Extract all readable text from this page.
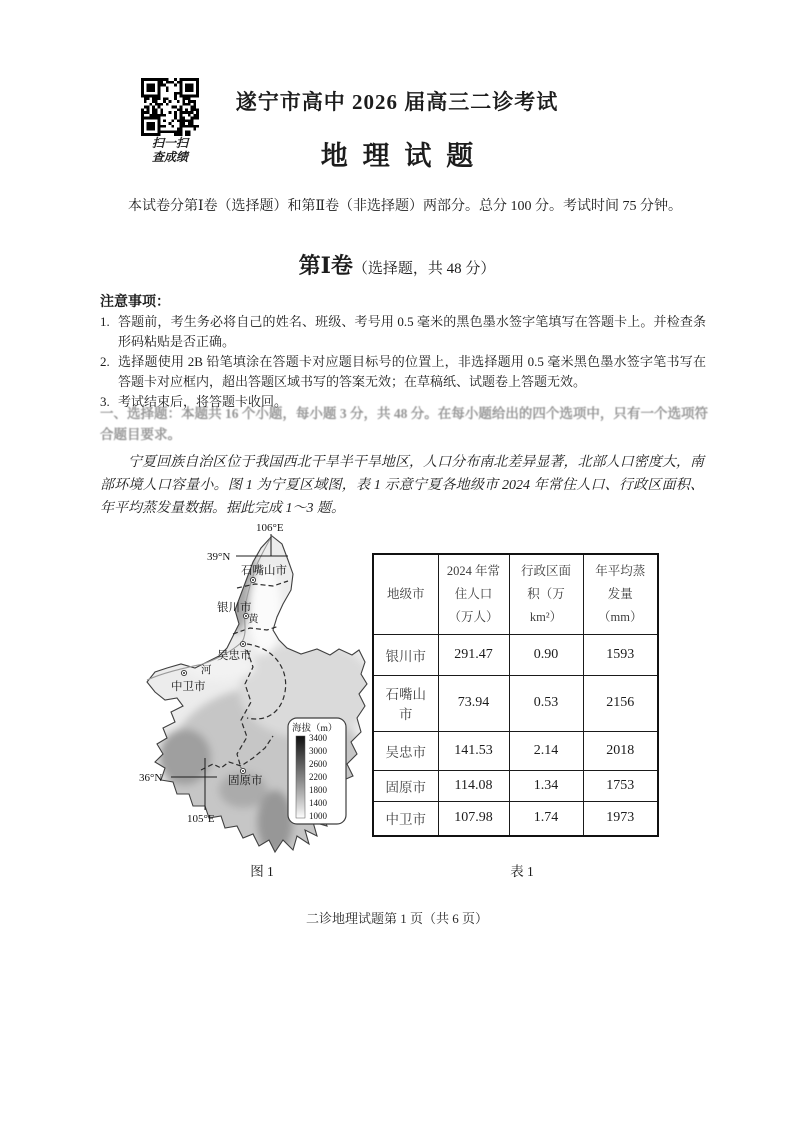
扫一扫
查成绩
遂宁市高中 2026 届高三二诊考试
地理试题
本试卷分第Ⅰ卷（选择题）和第Ⅱ卷（非选择题）两部分。总分 100 分。考试时间 75 分钟。
第Ⅰ卷（选择题，共 48 分）
注意事项：
1. 答题前，考生务必将自己的姓名、班级、考号用 0.5 毫米的黑色墨水签字笔填写在答题卡上。并检查条形码粘贴是否正确。
2. 选择题使用 2B 铅笔填涂在答题卡对应题目标号的位置上，非选择题用 0.5 毫米黑色墨水签字笔书写在答题卡对应框内，超出答题区域书写的答案无效；在草稿纸、试题卷上答题无效。
3. 考试结束后，将答题卡收回。
一、选择题：本题共 16 个小题，每小题 3 分，共 48 分。在每小题给出的四个选项中，只有一个选项符合题目要求。
宁夏回族自治区位于我国西北干旱半干旱地区，人口分布南北差异显著，北部人口密度大，南部环境人口容量小。图 1 为宁夏区域图，表 1 示意宁夏各地级市 2024 年常住人口、行政区面积、年平均蒸发量数据。据此完成 1～3 题。
106°E
39°N
36°N
105°E
石嘴山市
银川市
吴忠市
中卫市
固原市
黄
河
海拔（m）
3400
3000
2600
2200
1800
1400
1000
地级市	2024 年常住人口（万人）	行政区面积（万 km²）	年平均蒸发量（mm）
银川市	291.47	0.90	1593
石嘴山市	73.94	0.53	2156
吴忠市	141.53	2.14	2018
固原市	114.08	1.34	1753
中卫市	107.98	1.74	1973
图 1	表 1
二诊地理试题第 1 页（共 6 页）
